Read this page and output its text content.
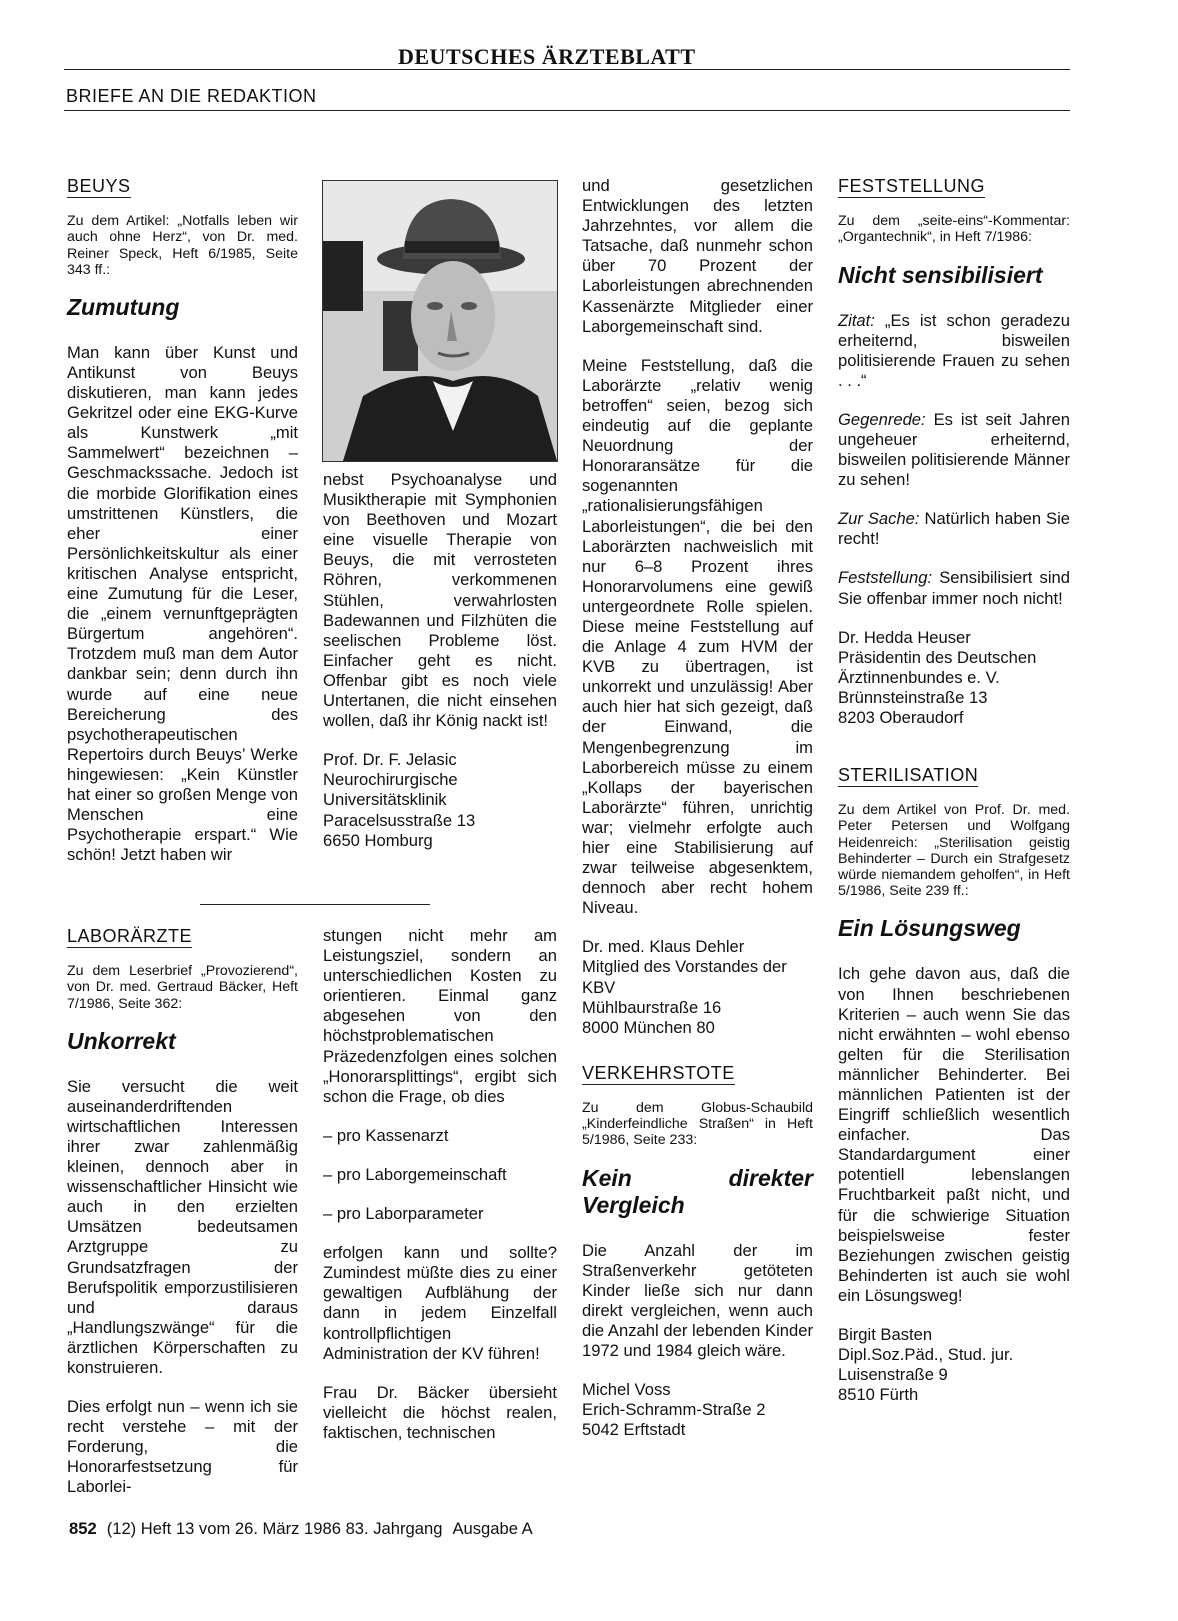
DEUTSCHES ÄRZTEBLATT
BRIEFE AN DIE REDAKTION
BEUYS

Zu dem Artikel: „Notfalls leben wir auch ohne Herz“, von Dr. med. Reiner Speck, Heft 6/1985, Seite 343 ff.:

Zumutung

Man kann über Kunst und Antikunst von Beuys diskutieren, man kann jedes Gekritzel oder eine EKG-Kurve als Kunstwerk „mit Sammelwert“ bezeichnen – Geschmackssache. Jedoch ist die morbide Glorifikation eines umstrittenen Künstlers, die eher einer Persönlichkeitskultur als einer kritischen Analyse entspricht, eine Zumutung für die Leser, die „einem vernunftgeprägten Bürgertum angehören“. Trotzdem muß man dem Autor dankbar sein; denn durch ihn wurde auf eine neue Bereicherung des psychotherapeutischen Repertoirs durch Beuys’ Werke hingewiesen: „Kein Künstler hat einer so großen Menge von Menschen eine Psychotherapie erspart.“ Wie schön! Jetzt haben wir

nebst Psychoanalyse und Musiktherapie mit Symphonien von Beethoven und Mozart eine visuelle Therapie von Beuys, die mit verrosteten Röhren, verkommenen Stühlen, verwahrlosten Badewannen und Filzhüten die seelischen Probleme löst. Einfacher geht es nicht. Offenbar gibt es noch viele Untertanen, die nicht einsehen wollen, daß ihr König nackt ist!

Prof. Dr. F. Jelasic
Neurochirurgische Universitätsklinik
Paracelsusstraße 13
6650 Homburg

LABORÄRZTE

Zu dem Leserbrief „Provozierend“, von Dr. med. Gertraud Bäcker, Heft 7/1986, Seite 362:

Unkorrekt

Sie versucht die weit auseinanderdriftenden wirtschaftlichen Interessen ihrer zwar zahlenmäßig kleinen, dennoch aber in wissenschaftlicher Hinsicht wie auch in den erzielten Umsätzen bedeutsamen Arztgruppe zu Grundsatzfragen der Berufspolitik emporzustilisieren und daraus „Handlungszwänge“ für die ärztlichen Körperschaften zu konstruieren.

Dies erfolgt nun – wenn ich sie recht verstehe – mit der Forderung, die Honorarfestsetzung für Laborlei-

stungen nicht mehr am Leistungsziel, sondern an unterschiedlichen Kosten zu orientieren. Einmal ganz abgesehen von den höchstproblematischen Präzedenzfolgen eines solchen „Honorarsplittings“, ergibt sich schon die Frage, ob dies

– pro Kassenarzt
– pro Laborgemeinschaft
– pro Laborparameter

erfolgen kann und sollte? Zumindest müßte dies zu einer gewaltigen Aufblähung der dann in jedem Einzelfall kontrollpflichtigen Administration der KV führen!

Frau Dr. Bäcker übersieht vielleicht die höchst realen, faktischen, technischen

und gesetzlichen Entwicklungen des letzten Jahrzehntes, vor allem die Tatsache, daß nunmehr schon über 70 Prozent der Laborleistungen abrechnenden Kassenärzte Mitglieder einer Laborgemeinschaft sind.

Meine Feststellung, daß die Laborärzte „relativ wenig betroffen“ seien, bezog sich eindeutig auf die geplante Neuordnung der Honoraransätze für die sogenannten „rationalisierungsfähigen Laborleistungen“, die bei den Laborärzten nachweislich mit nur 6–8 Prozent ihres Honorarvolumens eine gewiß untergeordnete Rolle spielen. Diese meine Feststellung auf die Anlage 4 zum HVM der KVB zu übertragen, ist unkorrekt und unzulässig! Aber auch hier hat sich gezeigt, daß der Einwand, die Mengenbegrenzung im Laborbereich müsse zu einem „Kollaps der bayerischen Laborärzte“ führen, unrichtig war; vielmehr erfolgte auch hier eine Stabilisierung auf zwar teilweise abgesenktem, dennoch aber recht hohem Niveau.

Dr. med. Klaus Dehler
Mitglied des Vorstandes der KBV
Mühlbaurstraße 16
8000 München 80

VERKEHRSTOTE

Zu dem Globus-Schaubild „Kinderfeindliche Straßen“ in Heft 5/1986, Seite 233:

Kein direkter Vergleich

Die Anzahl der im Straßenverkehr getöteten Kinder ließe sich nur dann direkt vergleichen, wenn auch die Anzahl der lebenden Kinder 1972 und 1984 gleich wäre.

Michel Voss
Erich-Schramm-Straße 2
5042 Erftstadt

FESTSTELLUNG

Zu dem „seite-eins“-Kommentar: „Organtechnik“, in Heft 7/1986:

Nicht sensibilisiert

Zitat: „Es ist schon geradezu erheiternd, bisweilen politisierende Frauen zu sehen . . .“

Gegenrede: Es ist seit Jahren ungeheuer erheiternd, bisweilen politisierende Männer zu sehen!

Zur Sache: Natürlich haben Sie recht!

Feststellung: Sensibilisiert sind Sie offenbar immer noch nicht!

Dr. Hedda Heuser
Präsidentin des Deutschen Ärztinnenbundes e. V.
Brünnsteinstraße 13
8203 Oberaudorf

STERILISATION

Zu dem Artikel von Prof. Dr. med. Peter Petersen und Wolfgang Heidenreich: „Sterilisation geistig Behinderter – Durch ein Strafgesetz würde niemandem geholfen“, in Heft 5/1986, Seite 239 ff.:

Ein Lösungsweg

Ich gehe davon aus, daß die von Ihnen beschriebenen Kriterien – auch wenn Sie das nicht erwähnten – wohl ebenso gelten für die Sterilisation männlicher Behinderter. Bei männlichen Patienten ist der Eingriff schließlich wesentlich einfacher. Das Standardargument einer potentiell lebenslangen Fruchtbarkeit paßt nicht, und für die schwierige Situation beispielsweise fester Beziehungen zwischen geistig Behinderten ist auch sie wohl ein Lösungsweg!

Birgit Basten
Dipl.Soz.Päd., Stud. jur.
Luisenstraße 9
8510 Fürth

852 (12) Heft 13 vom 26. März 1986 83. Jahrgang Ausgabe A
